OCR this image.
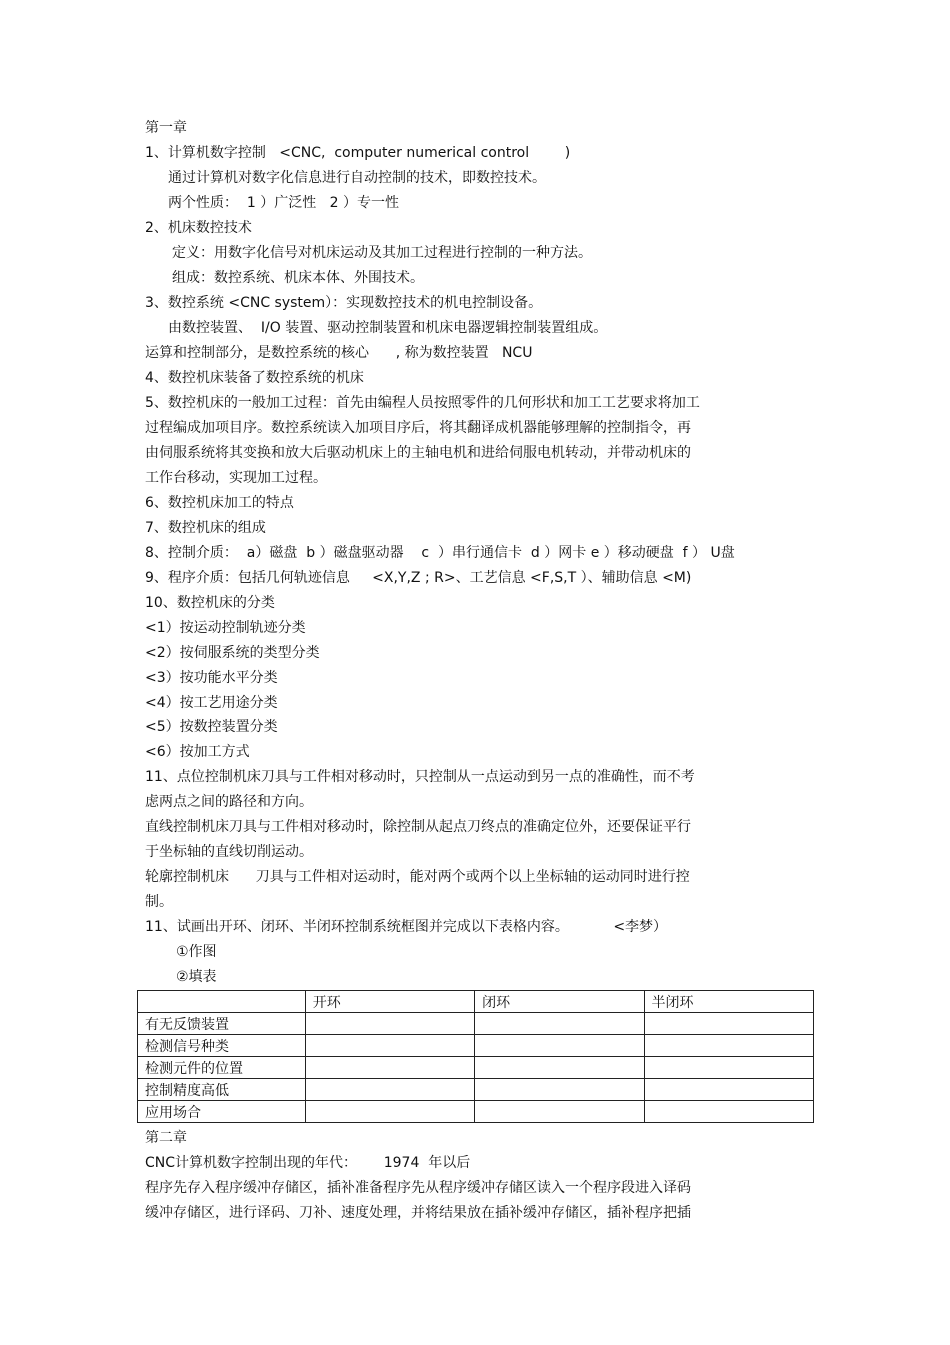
第一章
1、计算机数字控制   <CNC,  computer numerical control        )
通过计算机对数字化信息进行自动控制的技术，即数控技术。
两个性质：  1 ）广泛性   2 ）专一性
2、机床数控技术
定义：用数字化信号对机床运动及其加工过程进行控制的一种方法。
组成：数控系统、机床本体、外围技术。
3、数控系统 <CNC system）：实现数控技术的机电控制设备。
由数控装置、  I/O 装置、驱动控制装置和机床电器逻辑控制装置组成。
运算和控制部分，是数控系统的核心      , 称为数控装置   NCU
4、数控机床装备了数控系统的机床
5、数控机床的一般加工过程：首先由编程人员按照零件的几何形状和加工工艺要求将加工
过程编成加项目序。数控系统读入加项目序后，将其翻译成机器能够理解的控制指令，再
由伺服系统将其变换和放大后驱动机床上的主轴电机和进给伺服电机转动，并带动机床的
工作台移动，实现加工过程。
6、数控机床加工的特点
7、数控机床的组成
8、控制介质：  a）磁盘  b ）磁盘驱动器    c  ）串行通信卡  d ）网卡 e ）移动硬盘  f ） U盘
9、程序介质：包括几何轨迹信息     <X,Y,Z ; R>、工艺信息 <F,S,T ）、辅助信息 <M)
10、数控机床的分类
<1）按运动控制轨迹分类
<2）按伺服系统的类型分类
<3）按功能水平分类
<4）按工艺用途分类
<5）按数控装置分类
<6）按加工方式
11、点位控制机床刀具与工件相对移动时，只控制从一点运动到另一点的准确性，而不考
虑两点之间的路径和方向。
直线控制机床刀具与工件相对移动时，除控制从起点刀终点的准确定位外，还要保证平行
于坐标轴的直线切削运动。
轮廓控制机床      刀具与工件相对运动时，能对两个或两个以上坐标轴的运动同时进行控
制。
11、试画出开环、闭环、半闭环控制系统框图并完成以下表格内容。          <李梦）
①作图
②填表
	开环	闭环	半闭环
有无反馈装置			
检测信号种类			
检测元件的位置			
控制精度高低			
应用场合			
第二章
CNC计算机数字控制出现的年代：      1974  年以后
程序先存入程序缓冲存储区，插补准备程序先从程序缓冲存储区读入一个程序段进入译码
缓冲存储区，进行译码、刀补、速度处理，并将结果放在插补缓冲存储区，插补程序把插
